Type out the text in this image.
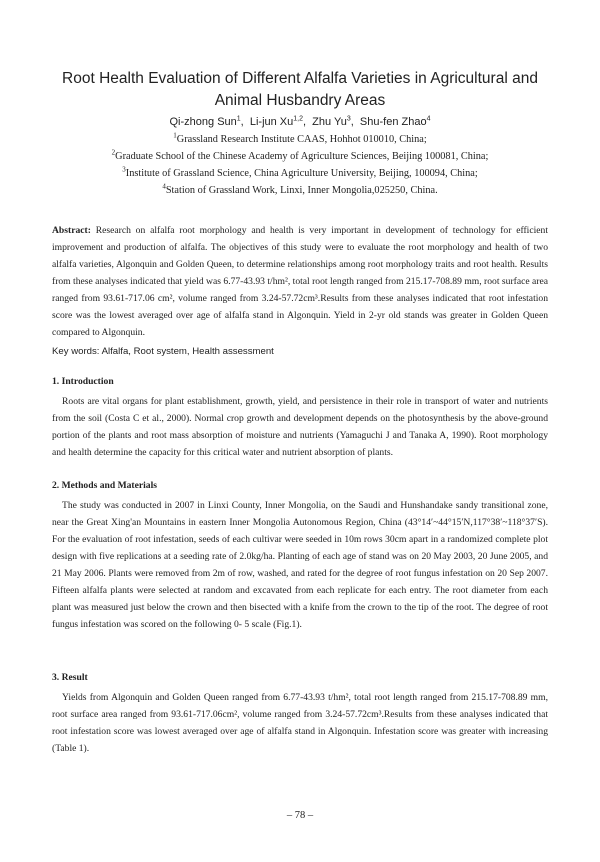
Root Health Evaluation of Different Alfalfa Varieties in Agricultural and
Animal Husbandry Areas
Qi-zhong Sun$^1$,  Li-jun Xu$^{1,2}$,  Zhu Yu$^3$,  Shu-fen Zhao$^4$
$^1$Grassland Research Institute CAAS, Hohhot 010010, China;
$^2$Graduate School of the Chinese Academy of Agriculture Sciences, Beijing 100081, China;
$^3$Institute of Grassland Science, China Agriculture University, Beijing, 100094, China;
$^4$Station of Grassland Work, Linxi, Inner Mongolia,025250, China.
Abstract: Research on alfalfa root morphology and health is very important in development of technology for efficient improvement and production of alfalfa. The objectives of this study were to evaluate the root morphology and health of two alfalfa varieties, Algonquin and Golden Queen, to determine relationships among root morphology traits and root health. Results from these analyses indicated that yield was 6.77-43.93 t/hm², total root length ranged from 215.17-708.89 mm, root surface area ranged from 93.61-717.06 cm², volume ranged from 3.24-57.72cm³.Results from these analyses indicated that root infestation score was the lowest averaged over age of alfalfa stand in Algonquin. Yield in 2-yr old stands was greater in Golden Queen compared to Algonquin.
Key words: Alfalfa, Root system, Health assessment
1. Introduction
Roots are vital organs for plant establishment, growth, yield, and persistence in their role in transport of water and nutrients from the soil (Costa C et al., 2000). Normal crop growth and development depends on the photosynthesis by the above-ground portion of the plants and root mass absorption of moisture and nutrients (Yamaguchi J and Tanaka A, 1990). Root morphology and health determine the capacity for this critical water and nutrient absorption of plants.
2. Methods and Materials
The study was conducted in 2007 in Linxi County, Inner Mongolia, on the Saudi and Hunshandake sandy transitional zone, near the Great Xing'an Mountains in eastern Inner Mongolia Autonomous Region, China (43°14′~44°15′N,117°38′~118°37′S). For the evaluation of root infestation, seeds of each cultivar were seeded in 10m rows 30cm apart in a randomized complete plot design with five replications at a seeding rate of 2.0kg/ha. Planting of each age of stand was on 20 May 2003, 20 June 2005, and 21 May 2006. Plants were removed from 2m of row, washed, and rated for the degree of root fungus infestation on 20 Sep 2007. Fifteen alfalfa plants were selected at random and excavated from each replicate for each entry. The root diameter from each plant was measured just below the crown and then bisected with a knife from the crown to the tip of the root. The degree of root fungus infestation was scored on the following 0- 5 scale (Fig.1).
3. Result
Yields from Algonquin and Golden Queen ranged from 6.77-43.93 t/hm², total root length ranged from 215.17-708.89 mm, root surface area ranged from 93.61-717.06cm², volume ranged from 3.24-57.72cm³.Results from these analyses indicated that root infestation score was lowest averaged over age of alfalfa stand in Algonquin. Infestation score was greater with increasing (Table 1).
– 78 –
